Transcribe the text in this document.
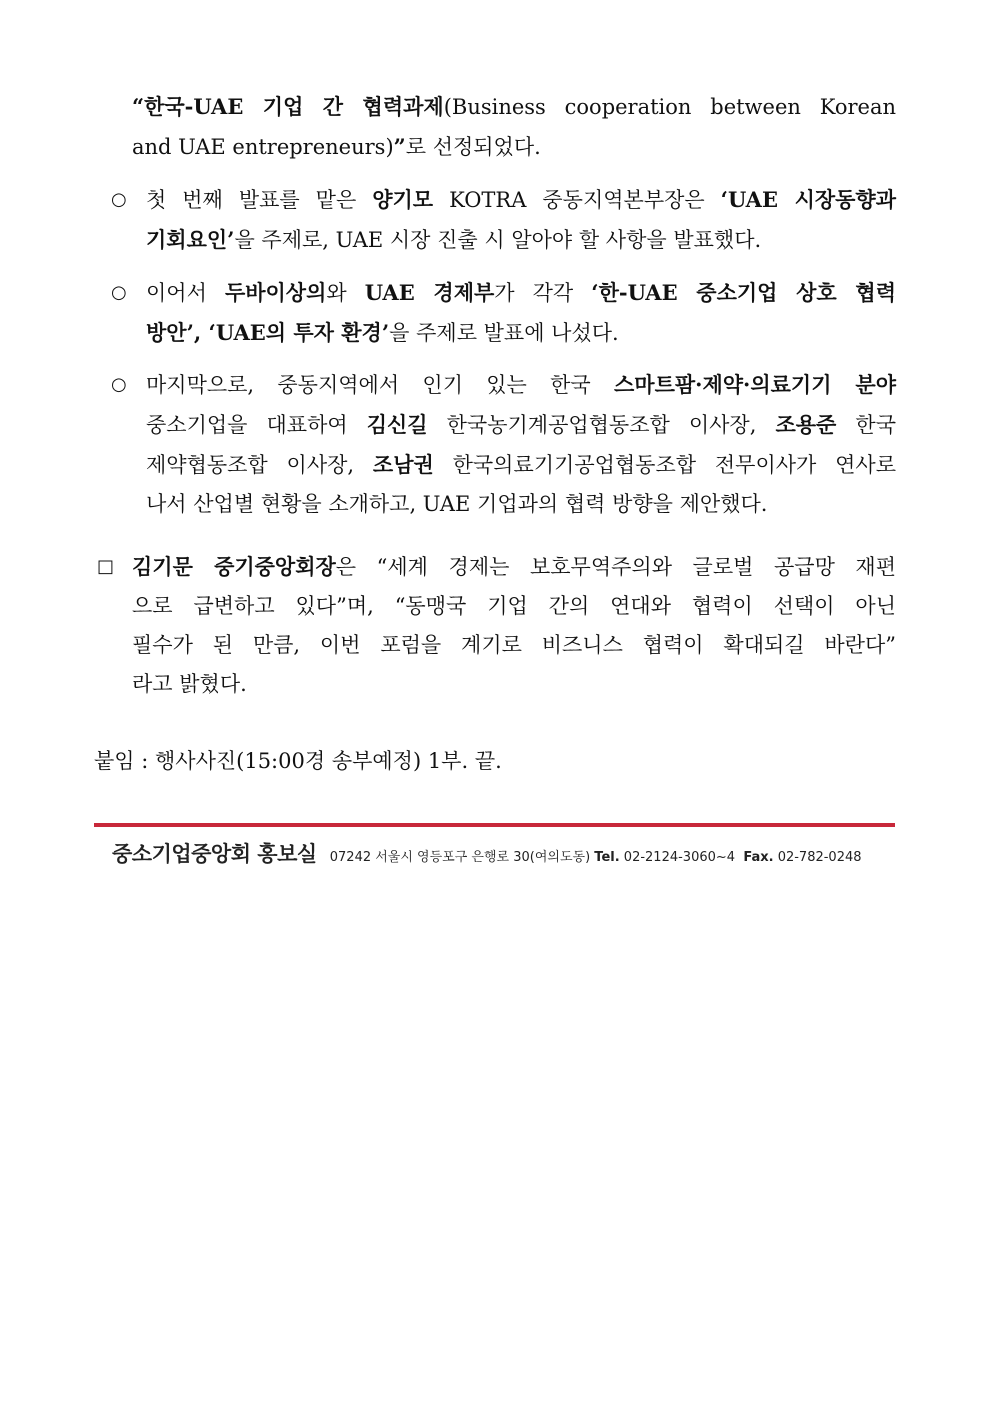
“한국-UAE 기업 간 협력과제(Business cooperation between Korean
and UAE entrepreneurs)”로 선정되었다.
○ 첫 번째 발표를 맡은 양기모 KOTRA 중동지역본부장은 ‘UAE 시장동향과
기회요인’을 주제로, UAE 시장 진출 시 알아야 할 사항을 발표했다.
○ 이어서 두바이상의와 UAE 경제부가 각각 ‘한-UAE 중소기업 상호 협력
방안’, ‘UAE의 투자 환경’을 주제로 발표에 나섰다.
○ 마지막으로, 중동지역에서 인기 있는 한국 스마트팜·제약·의료기기 분야
중소기업을 대표하여 김신길 한국농기계공업협동조합 이사장, 조용준 한국
제약협동조합 이사장, 조남권 한국의료기기공업협동조합 전무이사가 연사로
나서 산업별 현황을 소개하고, UAE 기업과의 협력 방향을 제안했다.
□ 김기문 중기중앙회장은 “세계 경제는 보호무역주의와 글로벌 공급망 재편
으로 급변하고 있다”며, “동맹국 기업 간의 연대와 협력이 선택이 아닌
필수가 된 만큼, 이번 포럼을 계기로 비즈니스 협력이 확대되길 바란다”
라고 밝혔다.
붙임 : 행사사진(15:00경 송부예정) 1부. 끝.
중소기업중앙회 홍보실 07242 서울시 영등포구 은행로 30(여의도동) Tel. 02-2124-3060~4 Fax. 02-782-0248
